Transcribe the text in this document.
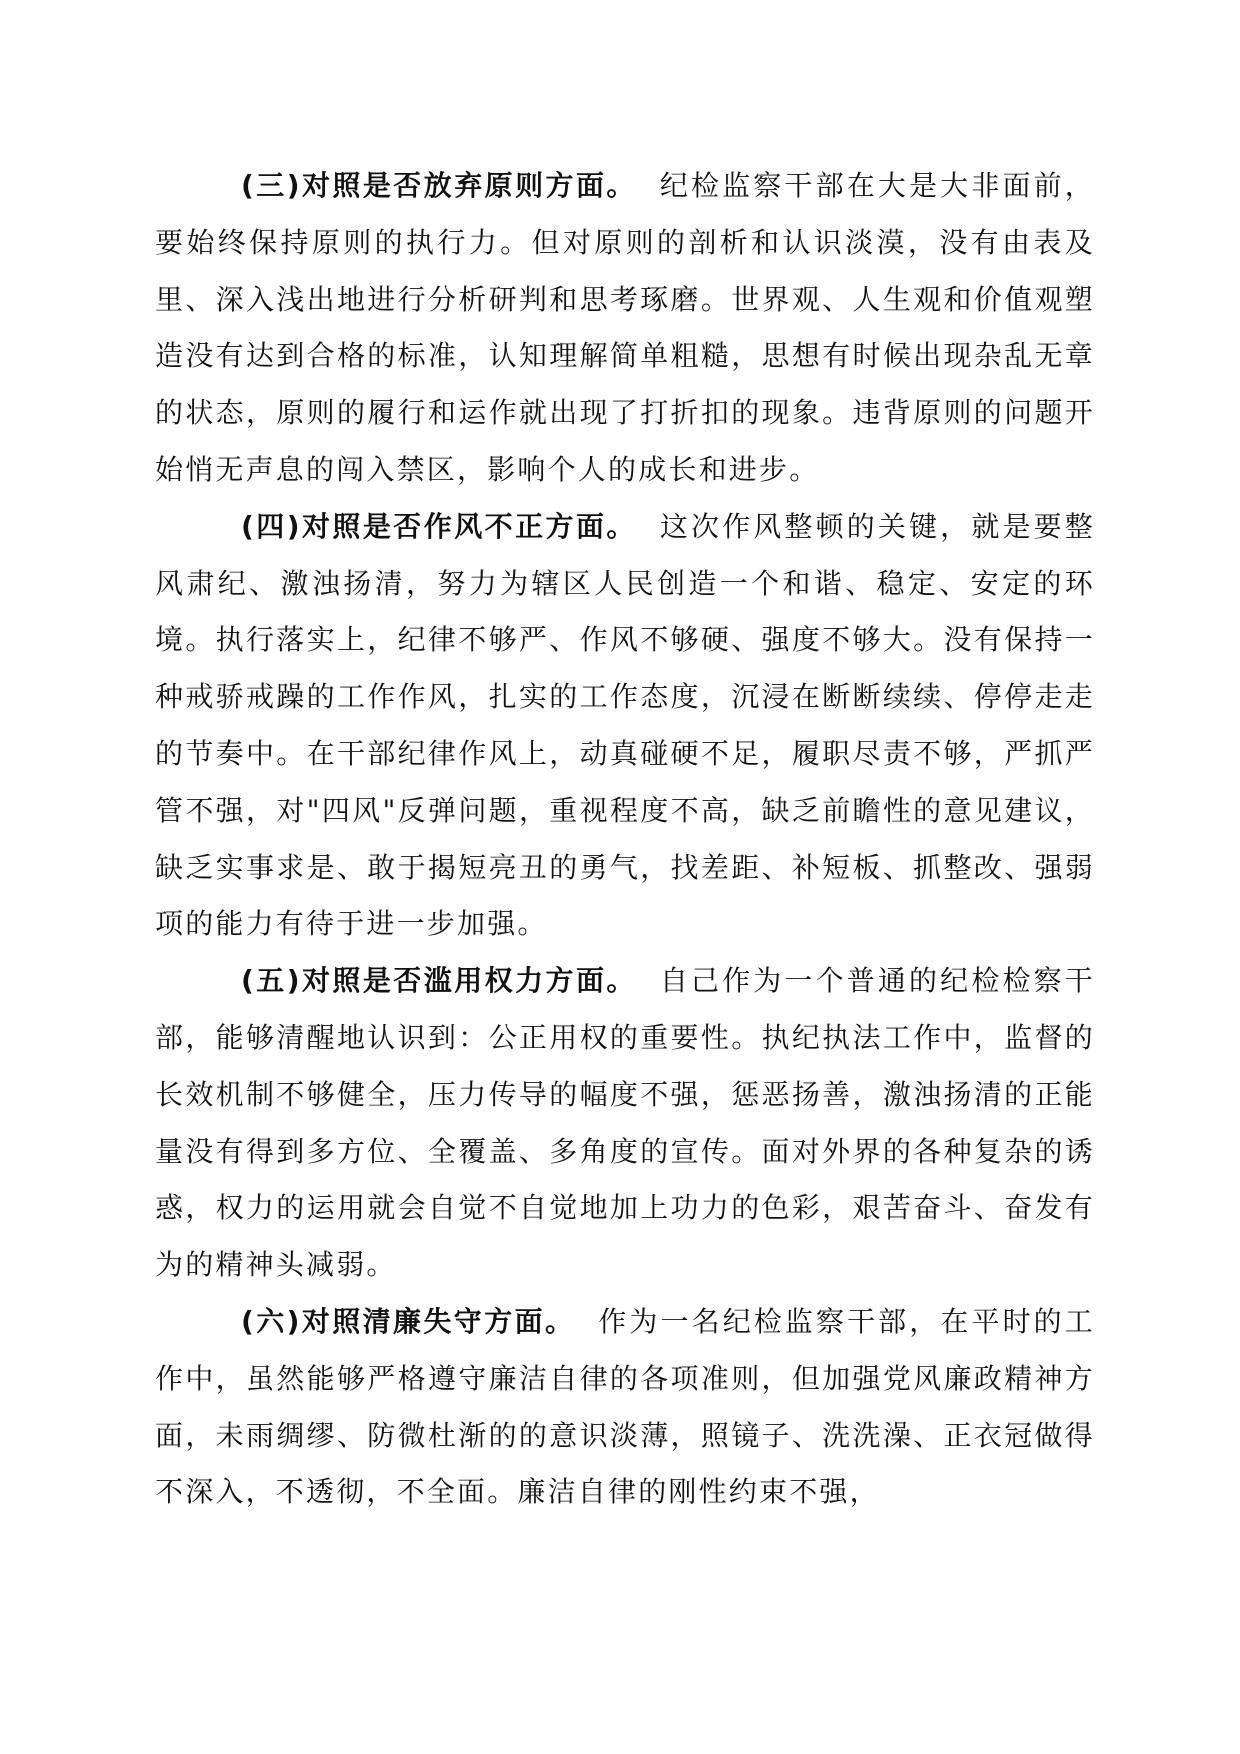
(三)对照是否放弃原则方面。 纪检监察干部在大是大非面前，要始终保持原则的执行力。但对原则的剖析和认识淡漠，没有由表及里、深入浅出地进行分析研判和思考琢磨。世界观、人生观和价值观塑造没有达到合格的标准，认知理解简单粗糙，思想有时候出现杂乱无章的状态，原则的履行和运作就出现了打折扣的现象。违背原则的问题开始悄无声息的闯入禁区，影响个人的成长和进步。

(四)对照是否作风不正方面。 这次作风整顿的关键，就是要整风肃纪、激浊扬清，努力为辖区人民创造一个和谐、稳定、安定的环境。执行落实上，纪律不够严、作风不够硬、强度不够大。没有保持一种戒骄戒躁的工作作风，扎实的工作态度，沉浸在断断续续、停停走走的节奏中。在干部纪律作风上，动真碰硬不足，履职尽责不够，严抓严管不强，对"四风"反弹问题，重视程度不高，缺乏前瞻性的意见建议，缺乏实事求是、敢于揭短亮丑的勇气，找差距、补短板、抓整改、强弱项的能力有待于进一步加强。

(五)对照是否滥用权力方面。 自己作为一个普通的纪检检察干部，能够清醒地认识到：公正用权的重要性。执纪执法工作中，监督的长效机制不够健全，压力传导的幅度不强，惩恶扬善，激浊扬清的正能量没有得到多方位、全覆盖、多角度的宣传。面对外界的各种复杂的诱惑，权力的运用就会自觉不自觉地加上功力的色彩，艰苦奋斗、奋发有为的精神头减弱。

(六)对照清廉失守方面。 作为一名纪检监察干部，在平时的工作中，虽然能够严格遵守廉洁自律的各项准则，但加强党风廉政精神方面，未雨绸缪、防微杜渐的的意识淡薄，照镜子、洗洗澡、正衣冠做得不深入，不透彻，不全面。廉洁自律的刚性约束不强，
